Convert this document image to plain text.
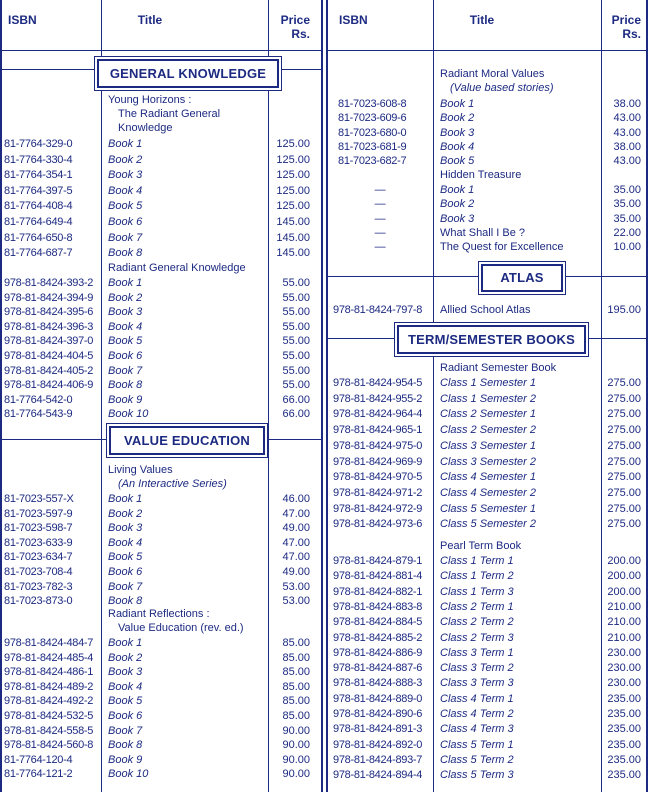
ISBN	Title	Price
Rs.
ISBN	Title	Price
Rs.
GENERAL KNOWLEDGE
Young Horizons :
The Radiant General
Knowledge
81-7764-329-0	Book 1	125.00
81-7764-330-4	Book 2	125.00
81-7764-354-1	Book 3	125.00
81-7764-397-5	Book 4	125.00
81-7764-408-4	Book 5	125.00
81-7764-649-4	Book 6	145.00
81-7764-650-8	Book 7	145.00
81-7764-687-7	Book 8	145.00
Radiant General Knowledge
978-81-8424-393-2 Book 1	55.00
978-81-8424-394-9 Book 2	55.00
978-81-8424-395-6 Book 3	55.00
978-81-8424-396-3 Book 4	55.00
978-81-8424-397-0 Book 5	55.00
978-81-8424-404-5 Book 6	55.00
978-81-8424-405-2 Book 7	55.00
978-81-8424-406-9 Book 8	55.00
81-7764-542-0	Book 9	66.00
81-7764-543-9	Book 10	66.00
VALUE EDUCATION
Living Values
(An Interactive Series)
81-7023-557-X	Book 1	46.00
81-7023-597-9	Book 2	47.00
81-7023-598-7	Book 3	49.00
81-7023-633-9	Book 4	47.00
81-7023-634-7	Book 5	47.00
81-7023-708-4	Book 6	49.00
81-7023-782-3	Book 7	53.00
81-7023-873-0	Book 8	53.00
Radiant Reflections :
Value Education (rev. ed.)
978-81-8424-484-7 Book 1	85.00
978-81-8424-485-4 Book 2	85.00
978-81-8424-486-1 Book 3	85.00
978-81-8424-489-2 Book 4	85.00
978-81-8424-492-2 Book 5	85.00
978-81-8424-532-5 Book 6	85.00
978-81-8424-558-5 Book 7	90.00
978-81-8424-560-8 Book 8	90.00
81-7764-120-4	Book 9	90.00
81-7764-121-2	Book 10	90.00
Radiant Moral Values
(Value based stories)
81-7023-608-8	Book 1	38.00
81-7023-609-6	Book 2	43.00
81-7023-680-0	Book 3	43.00
81-7023-681-9	Book 4	38.00
81-7023-682-7	Book 5	43.00
Hidden Treasure
—	Book 1	35.00
—	Book 2	35.00
—	Book 3	35.00
—	What Shall I Be ?	22.00
—	The Quest for Excellence	10.00
ATLAS
978-81-8424-797-8 Allied School Atlas	195.00
TERM/SEMESTER BOOKS
Radiant Semester Book
978-81-8424-954-5 Class 1 Semester 1	275.00
978-81-8424-955-2 Class 1 Semester 2	275.00
978-81-8424-964-4 Class 2 Semester 1	275.00
978-81-8424-965-1 Class 2 Semester 2	275.00
978-81-8424-975-0 Class 3 Semester 1	275.00
978-81-8424-969-9 Class 3 Semester 2	275.00
978-81-8424-970-5 Class 4 Semester 1	275.00
978-81-8424-971-2 Class 4 Semester 2	275.00
978-81-8424-972-9 Class 5 Semester 1	275.00
978-81-8424-973-6 Class 5 Semester 2	275.00
Pearl Term Book
978-81-8424-879-1 Class 1 Term 1	200.00
978-81-8424-881-4 Class 1 Term 2	200.00
978-81-8424-882-1 Class 1 Term 3	200.00
978-81-8424-883-8 Class 2 Term 1	210.00
978-81-8424-884-5 Class 2 Term 2	210.00
978-81-8424-885-2 Class 2 Term 3	210.00
978-81-8424-886-9 Class 3 Term 1	230.00
978-81-8424-887-6 Class 3 Term 2	230.00
978-81-8424-888-3 Class 3 Term 3	230.00
978-81-8424-889-0 Class 4 Term 1	235.00
978-81-8424-890-6 Class 4 Term 2	235.00
978-81-8424-891-3 Class 4 Term 3	235.00
978-81-8424-892-0 Class 5 Term 1	235.00
978-81-8424-893-7 Class 5 Term 2	235.00
978-81-8424-894-4 Class 5 Term 3	235.00
